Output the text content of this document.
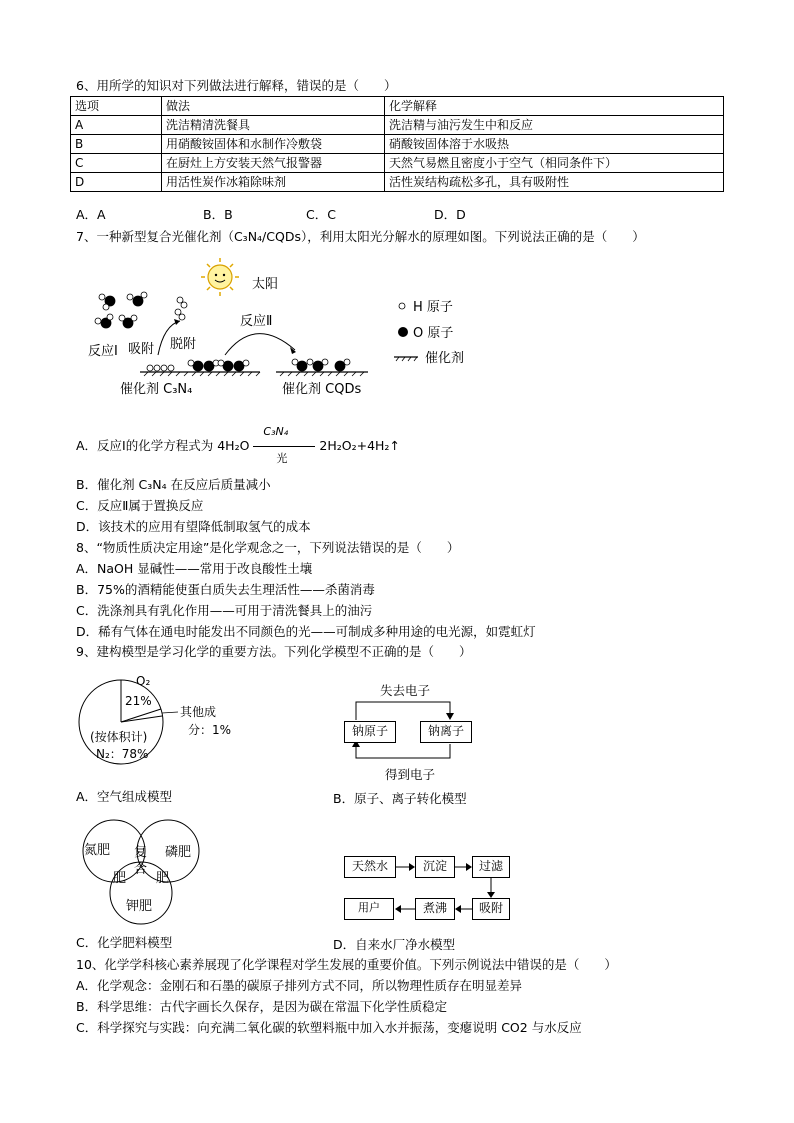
6、用所学的知识对下列做法进行解释，错误的是（　　）
选项	做法	化学解释
A	洗洁精清洗餐具	洗洁精与油污发生中和反应
B	用硝酸铵固体和水制作冷敷袋	硝酸铵固体溶于水吸热
C	在厨灶上方安装天然气报警器	天然气易燃且密度小于空气（相同条件下）
D	用活性炭作冰箱除味剂	活性炭结构疏松多孔，具有吸附性
A．A	B．B	C．C	D．D
7、一种新型复合光催化剂（C₃N₄/CQDs），利用太阳光分解水的原理如图。下列说法正确的是（　　）
太阳
反应Ⅰ 吸附 脱附
催化剂 C₃N₄
反应Ⅱ
催化剂 CQDs
H 原子
O 原子
催化剂
A．反应Ⅰ的化学方程式为 4H₂O
C₃N₄
光
2H₂O₂+4H₂↑
B．催化剂 C₃N₄ 在反应后质量减小
C．反应Ⅱ属于置换反应
D．该技术的应用有望降低制取氢气的成本
8、“物质性质决定用途”是化学观念之一，下列说法错误的是（　　）
A．NaOH 显碱性——常用于改良酸性土壤
B．75%的酒精能使蛋白质失去生理活性——杀菌消毒
C．洗涤剂具有乳化作用——可用于清洗餐具上的油污
D．稀有气体在通电时能发出不同颜色的光——可制成多种用途的电光源，如霓虹灯
9、建构模型是学习化学的重要方法。下列化学模型不正确的是（　　）
O₂
21%
其他成
分：1%
(按体积计)
N₂：78%
A．空气组成模型
失去电子
钠原子	钠离子
得到电子
B．原子、离子转化模型
氮肥	磷肥
钾肥
复
合
肥 肥
C．化学肥料模型
天然水	沉淀	过滤
吸附
煮沸
用户
D．自来水厂净水模型
10、化学学科核心素养展现了化学课程对学生发展的重要价值。下列示例说法中错误的是（　　）
A．化学观念：金刚石和石墨的碳原子排列方式不同，所以物理性质存在明显差异
B．科学思维：古代字画长久保存，是因为碳在常温下化学性质稳定
C．科学探究与实践：向充满二氧化碳的软塑料瓶中加入水并振荡，变瘪说明 CO2 与水反应
